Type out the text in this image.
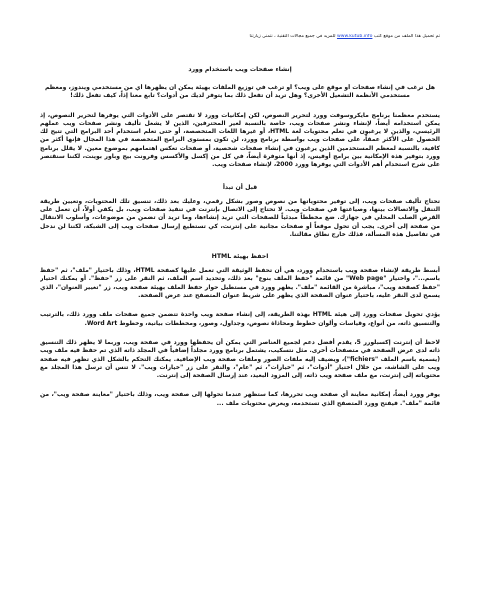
تم تحميل هذا الملف من موقع كتب www.kutub.info للمزيد في جميع مجالات التقنية ، نتمنى زيارتنا
إنشاء صفحات ويب باستخدام وورد

هل ترغب في إنشاء صفحات أو موقع على ويب؟ أو ترغب في توزيع الملفات بهيئة يمكن أن يظهرها أي من مستخدمي ويندوز، ومعظم مستخدمي الأنظمة التشغيل الأخرى؟ وهل تريد أن تفعل ذلك بما يتوفر لديك من أدوات؟ تابع معنا إذاً، كيف تفعل ذلك!

يستخدم معظمنا برنامج مايكروسوفت وورد لتحرير النصوص، لكن إمكانيات وورد لا تقتصر على الأدوات التي يوفرها لتحرير النصوص، إذ يمكن استخدامه أيضاً، لإنشاء ونشر صفحات ويب، خاصة بالنسبة لغير المحترفين، الذين لا يشغل تأليف ونشر صفحات ويب عملهم الرئيسي، والذين لا يرغبون في تعلم محتويات لغة HTML، أو غيرها اللغات المتخصصة، أو حتى تعلم استخدام أحد البرامج التي تتيح لك الحصول على الأكثر عمقاً، على صفحات ويب بواسطة برنامج وورد، لن تكون بمستوى البرامج المتخصصة في هذا المجال فإنها أكثر من كافية، بالنسبة لمعظم المستخدمين الذين يرغبون في إنشاء صفحات شخصية، أو صفحات تعكس اهتمامهم بموضوع معين. لا يقلل برنامج وورد بتوفير هذه الإمكانية بين برامج أوفيس، إذ أنها متوفرة أيضاً، في كل من إكسل والأكسس وفرونت بيج وباور بوينت، لكننا سنقتصر على شرح استخدام أهم الأدوات التي يوفرها وورد 2000، لإنشاء صفحات ويب.

قبل أن تبدأ

تحتاج تأليف صفحات ويب، إلى توفير محتوياتها من نصوص وصور بشكل رقمي، وعليك بعد ذلك، تنسيق تلك المحتويات، وتعيين طريقة التنقل والاتصالات بينها، وصياغتها في صفحات ويب. لا تحتاج إلى الاتصال بإنترنت في تنفيذ صفحات ويب، بل يكفي أولاً، أن تعمل على القرص الصلب المحلي في جهازك. ضع مخططاً مبدئياً للصفحات التي تريد إنشاءها، وما تريد أن تضمن من موضوعات، وأسلوب الانتقال من صفحة إلى أخرى. يجب أن تحول موقعاً أو صفحات مجانية على إنترنت، كي تستطيع إرسال صفحات ويب إلى الشبكة، لكننا لن ندخل في تفاصيل هذه المسألة، فذلك خارج نطاق مقالتنا.

احفظ بهيئة HTML

أبسط طريقة لإنشاء صفحة ويب باستخدام وورد، هي أن تحفظ الوثيقة التي تعمل عليها كصفحة HTML، وذلك باختيار "ملف"، ثم "حفظ باسم..."، واختيار "Web page" من قائمة "حفظ الملف بنوع" بعد ذلك، وتحديد اسم الملف، ثم النقر على زر "حفظ". أو يمكنك اختيار "حفظ كصفحة ويب"، مباشرة من القائمة "ملف". يظهر وورد في مستطيل حوار حفظ الملف بهيئة صفحة ويب، زر "تغيير العنوان"، الذي يسمح لدى النقر عليه، باختيار عنوان الصفحة الذي يظهر على شريط عنوان المتصفح عند عرض الصفحة.

يؤدي تحويل صفحات وورد إلى هيئة HTML بهذه الطريقة، إلى إنشاء صفحة ويب واحدة تتضمن جميع صفحات ملف وورد ذلك، بالترتيب والتنسيق ذاته، من أنواع، وقياسات وألوان خطوط ومحاذاة نصوص، وجداول، وصور، ومخططات بيانية، وخطوط Word Art.

لاحظ أن إنترنت إكسبلورر 5، يقدم أفضل دعم لجميع العناصر التي يمكن أن يحفظها وورد في صفحة ويب، وربما لا يظهر ذلك التنسيق ذاته لدى عرض الصفحة في متصفحات أخرى. مثل نتسكيب، يشتمل برنامج وورد مجلداً إضافياً في المجلد ذاته الذي تم حفظ فيه ملف ويب (يسميه باسم الملف "fichiers")، ويضيف إليه ملفات الصور وملفات صفحة ويب الإضافية. يمكنك التحكم بالشكل الذي تظهر فيه صفحة ويب على الشاشة، من خلال اختيار "أدوات"، ثم "خيارات"، ثم "عام"، والنقر على زر "خيارات ويب". لا تنس أن ترسل هذا المجلد مع محتوياته إلى إنترنت، مع ملف صفحة ويب ذاته، إلى المزود البعيد، عند إرسال الصفحة إلى إنترنت.

يوفر وورد أيضاً، إمكانية معاينة أي صفحة ويب تحررها، كما ستظهر عندما تحولها إلى صفحة ويب، وذلك باختيار "معاينة صفحة ويب"، من قائمة "ملف". فيفتح وورد المتصفح الذي تستخدمه، ويعرض محتويات ملف ...
